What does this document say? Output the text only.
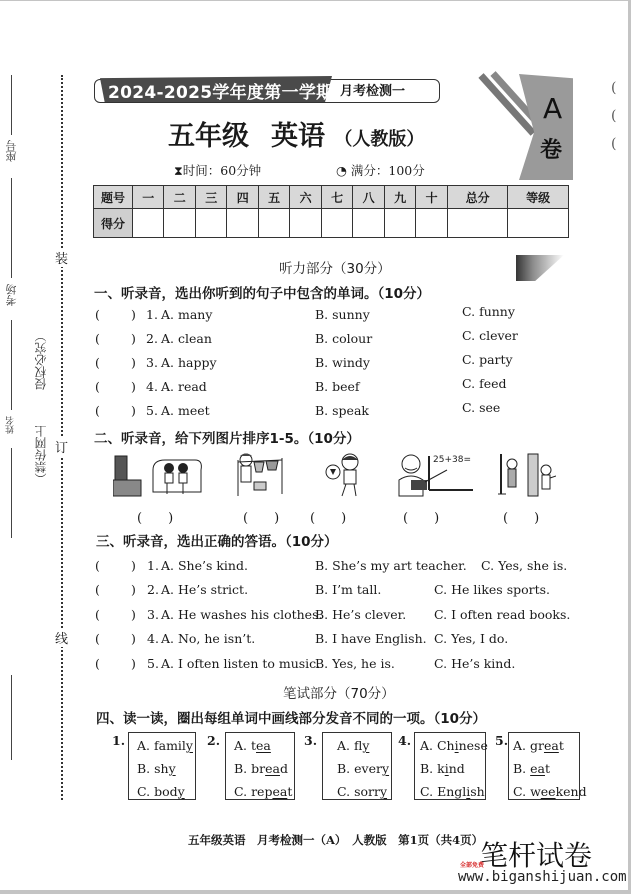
装
订
线
座号
考场
姓名 （禁传网上
侵权必究）
2024-2025学年度第一学期 月考检测一
五年级 英语 （人教版）
⧗时间：60分钟	◔ 满分：100分
A
卷
(
(
(
题号	一	二	三	四	五	六	七	八	九	十	总分	等级
得分												
听力部分（30分）
一、听录音，选出你听到的句子中包含的单词。（10分）
( ) 1. A. many	B. sunny	C. funny
( ) 2. A. clean	B. colour	C. clever
( ) 3. A. happy	B. windy	C. party
( ) 4. A. read	B. beef	C. feed
( ) 5. A. meet	B. speak	C. see
二、听录音，给下列图片排序1-5。（10分）
25+38=
(　　)	(　　) (　　)	(　　)	(　　)
三、听录音，选出正确的答语。（10分）
( ) 1. A. She’s kind.	B. She’s my art teacher. C. Yes, she is.
( ) 2. A. He’s strict.	B. I’m tall.	C. He likes sports.
( ) 3. A. He washes his clothes.
B. He’s clever. C. I often read books.
( ) 4. A. No, he isn’t.	B. I have English. C. Yes, I do.
( ) 5. A. I often listen to music.
B. Yes, he is.	C. He’s kind.
笔试部分（70分）
四、读一读，圈出每组单词中画线部分发音不同的一项。（10分）
1. A. family
B. shy
C. body
2. A. tea
B. bread
C. repeat
3. A. fly
B. every
C. sorry
4. A. Chinese
B. kind
C. English
5. A. great
B. eat
C. weekend
五年级英语　月考检测一（A）　人教版　第1页（共4页）
笔杆试卷
全部免费
www.biganshijuan.com
